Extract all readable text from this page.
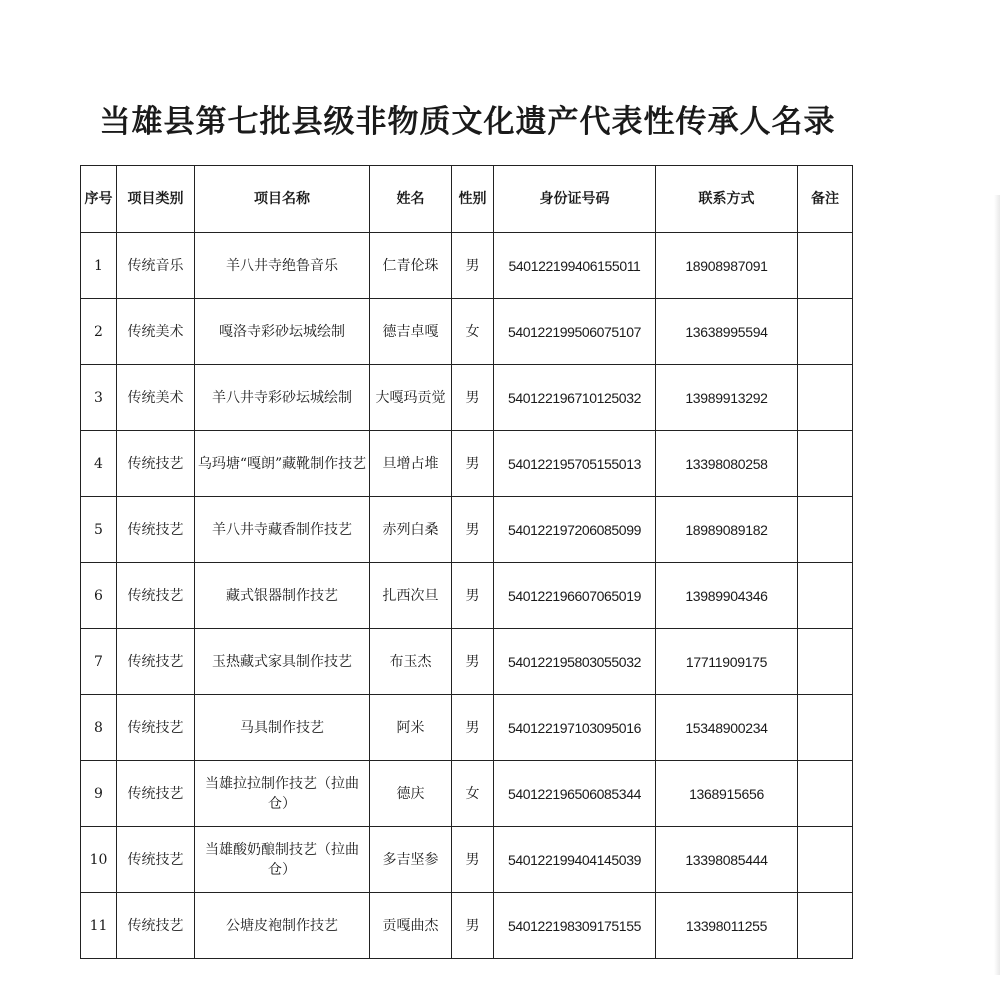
当雄县第七批县级非物质文化遗产代表性传承人名录
序号	项目类别	项目名称	姓名	性别	身份证号码	联系方式	备注
1	传统音乐	羊八井寺绝鲁音乐	仁青伦珠	男	540122199406155011	18908987091	
2	传统美术	嘎洛寺彩砂坛城绘制	德吉卓嘎	女	540122199506075107	13638995594	
3	传统美术	羊八井寺彩砂坛城绘制	大嘎玛贡觉	男	540122196710125032	13989913292	
4	传统技艺	乌玛塘“嘎朗”藏靴制作技艺	旦增占堆	男	540122195705155013	13398080258	
5	传统技艺	羊八井寺藏香制作技艺	赤列白桑	男	540122197206085099	18989089182	
6	传统技艺	藏式银器制作技艺	扎西次旦	男	540122196607065019	13989904346	
7	传统技艺	玉热藏式家具制作技艺	布玉杰	男	540122195803055032	17711909175	
8	传统技艺	马具制作技艺	阿米	男	540122197103095016	15348900234	
9	传统技艺	当雄拉拉制作技艺（拉曲仓）	德庆	女	540122196506085344	1368915656	
10	传统技艺	当雄酸奶酿制技艺（拉曲仓）	多吉坚参	男	540122199404145039	13398085444	
11	传统技艺	公塘皮袍制作技艺	贡嘎曲杰	男	540122198309175155	13398011255	
